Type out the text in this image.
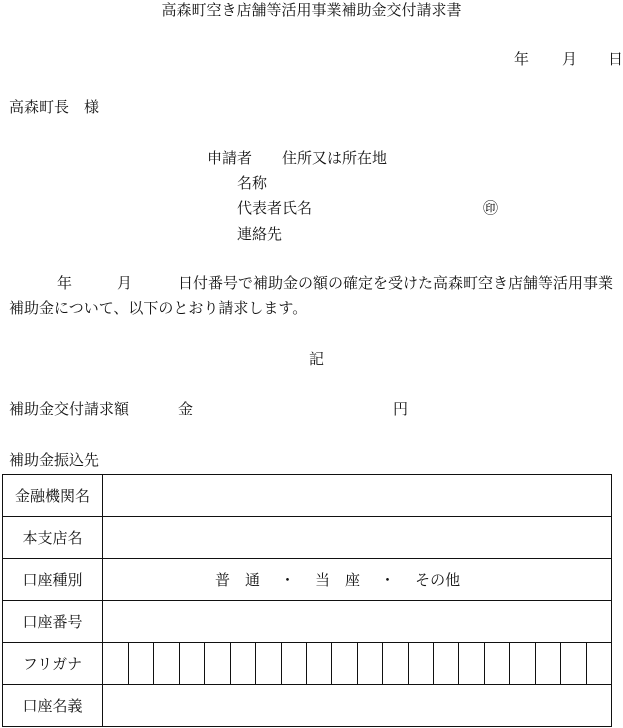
高森町空き店舗等活用事業補助金交付請求書
年 月 日
高森町長　様
申請者 住所又は所在地
名称
代表者氏名	㊞
連絡先
年	月	日付番号で補助金の額の確定を受けた高森町空き店舗等活用事業
補助金について、以下のとおり請求します。
記
補助金交付請求額	金	円
補助金振込先
金融機関名	
本支店名	
口座種別	普　通 ・ 当　座 ・ その他

口座番号	
フリガナ	

口座名義	
